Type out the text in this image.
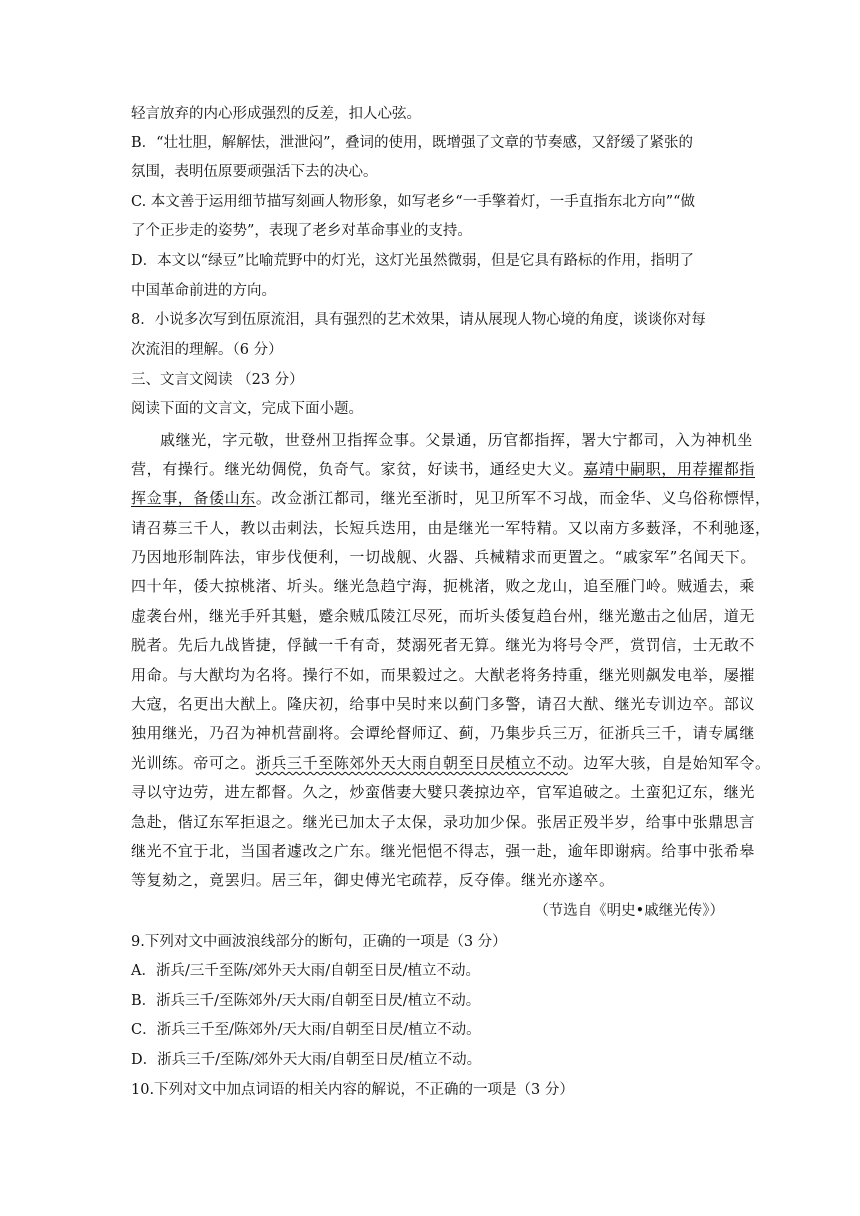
轻言放弃的内心形成强烈的反差，扣人心弦。
B．“壮壮胆，解解怯，泄泄闷”，叠词的使用，既增强了文章的节奏感，又舒缓了紧张的
氛围，表明伍原要顽强活下去的决心。
C. 本文善于运用细节描写刻画人物形象，如写老乡“一手擎着灯，一手直指东北方向”“做
了个正步走的姿势”，表现了老乡对革命事业的支持。
D．本文以“绿豆”比喻荒野中的灯光，这灯光虽然微弱，但是它具有路标的作用，指明了
中国革命前进的方向。
8．小说多次写到伍原流泪，具有强烈的艺术效果，请从展现人物心境的角度，谈谈你对每
次流泪的理解。（6 分）
三、文言文阅读 （23 分）
阅读下面的文言文，完成下面小题。
戚继光，字元敬，世登州卫指挥佥事。父景通，历官都指挥，署大宁都司，入为神机坐
营，有操行。继光幼倜傥，负奇气。家贫，好读书，通经史大义。嘉靖中嗣职，用荐擢都指
挥佥事，备倭山东。改佥浙江都司，继光至浙时，见卫所军不习战，而金华、义乌俗称慓悍，
请召募三千人，教以击刺法，长短兵迭用，由是继光一军特精。又以南方多薮泽，不利驰逐，
乃因地形制阵法，审步伐便利，一切战舰、火器、兵械精求而更置之。“戚家军”名闻天下。
四十年，倭大掠桃渚、圻头。继光急趋宁海，扼桃渚，败之龙山，追至雁门岭。贼遁去，乘
虚袭台州，继光手歼其魁，蹙余贼瓜陵江尽死，而圻头倭复趋台州，继光邀击之仙居，道无
脱者。先后九战皆捷，俘馘一千有奇，焚溺死者无算。继光为将号令严，赏罚信，士无敢不
用命。与大猷均为名将。操行不如，而果毅过之。大猷老将务持重，继光则飙发电举，屡摧
大寇，名更出大猷上。隆庆初，给事中吴时来以蓟门多警，请召大猷、继光专训边卒。部议
独用继光，乃召为神机营副将。会谭纶督师辽、蓟，乃集步兵三万，征浙兵三千，请专属继
光训练。帝可之。浙兵三千至陈郊外天大雨自朝至日昃植立不动。边军大骇，自是始知军令。
寻以守边劳，进左都督。久之，炒蛮偕妻大嬖只袭掠边卒，官军追破之。土蛮犯辽东，继光
急赴，偕辽东军拒退之。继光已加太子太保，录功加少保。张居正殁半岁，给事中张鼎思言
继光不宜于北，当国者遽改之广东。继光悒悒不得志，强一赴，逾年即谢病。给事中张希皋
等复劾之，竟罢归。居三年，御史傅光宅疏荐，反夺俸。继光亦遂卒。
（节选自《明史•戚继光传》）
9.下列对文中画波浪线部分的断句，正确的一项是（3 分）
A．浙兵/三千至陈/郊外天大雨/自朝至日昃/植立不动。
B．浙兵三千/至陈郊外/天大雨/自朝至日昃/植立不动。
C．浙兵三千至/陈郊外/天大雨/自朝至日昃/植立不动。
D．浙兵三千/至陈/郊外天大雨/自朝至日昃/植立不动。
10.下列对文中加点词语的相关内容的解说，不正确的一项是（3 分）
